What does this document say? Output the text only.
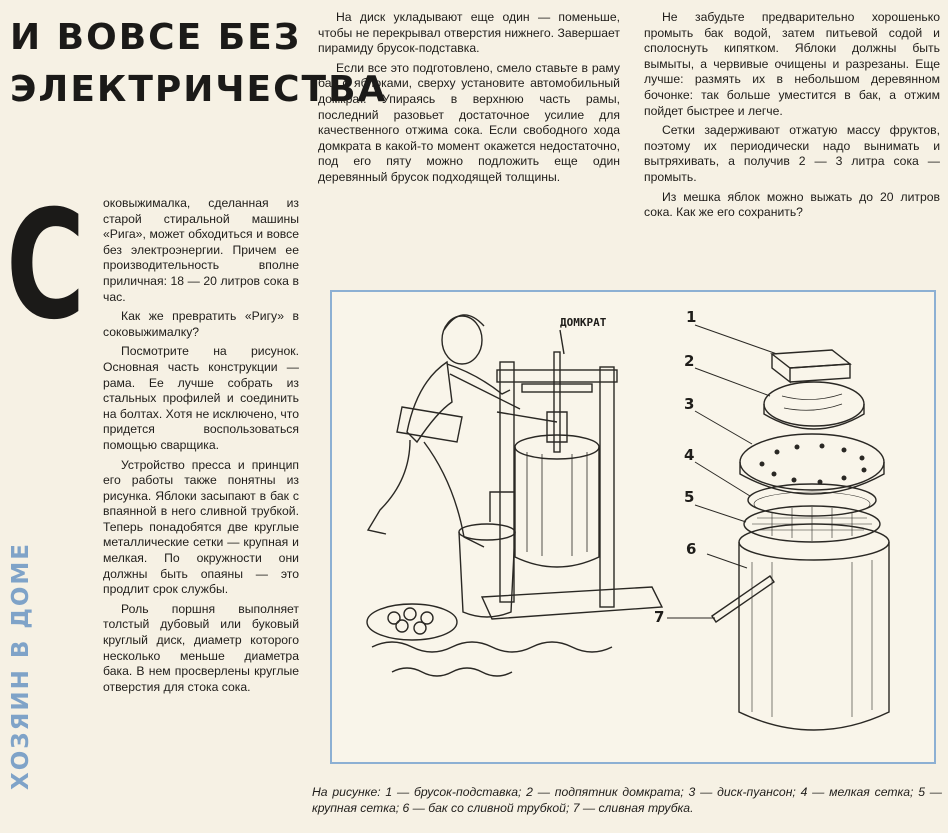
И ВОВСЕ БЕЗ
ЭЛЕКТРИЧЕСТВА
С
ХОЗЯИН В ДОМЕ

оковыжималка, сделанная из старой стиральной машины «Рига», может обходиться и вовсе без электроэнергии. Причем ее производительность вполне приличная: 18 — 20 литров сока в час.

Как же превратить «Ригу» в соковыжималку?

Посмотрите на рисунок. Основная часть конструкции — рама. Ее лучше собрать из стальных профилей и соединить на болтах. Хотя не исключено, что придется воспользоваться помощью сварщика.

Устройство пресса и принцип его работы также понятны из рисунка. Яблоки засыпают в бак с впаянной в него сливной трубкой. Теперь понадобятся две круглые металлические сетки — крупная и мелкая. По окружности они должны быть опаяны — это продлит срок службы.

Роль поршня выполняет толстый дубовый или буковый круглый диск, диаметр которого несколько меньше диаметра бака. В нем просверлены круглые отверстия для стока сока.

На диск укладывают еще один — поменьше, чтобы не перекрывал отверстия нижнего. Завершает пирамиду брусок-подставка.

Если все это подготовлено, смело ставьте в раму бак с яблоками, сверху установите автомобильный домкрат. Упираясь в верхнюю часть рамы, последний разовьет достаточное усилие для качественного отжима сока. Если свободного хода домкрата в какой-то момент окажется недостаточно, под его пяту можно подложить еще один деревянный брусок подходящей толщины.

Не забудьте предварительно хорошенько промыть бак водой, затем питьевой содой и сполоснуть кипятком. Яблоки должны быть вымыты, а червивые очищены и разрезаны. Еще лучше: размять их в небольшом деревянном бочонке: так больше уместится в бак, а отжим пойдет быстрее и легче.

Сетки задерживают отжатую массу фруктов, поэтому их периодически надо вынимать и вытряхивать, а получив 2 — 3 литра сока — промыть.

Из мешка яблок можно выжать до 20 литров сока. Как же его сохранить?

ДОМКРАТ	1
2
3
4
5
6
7
На рисунке: 1 — брусок-подставка; 2 — подпятник домкрата; 3 — диск-пуансон; 4 — мелкая сетка; 5 — крупная сетка; 6 — бак со сливной трубкой; 7 — сливная трубка.
